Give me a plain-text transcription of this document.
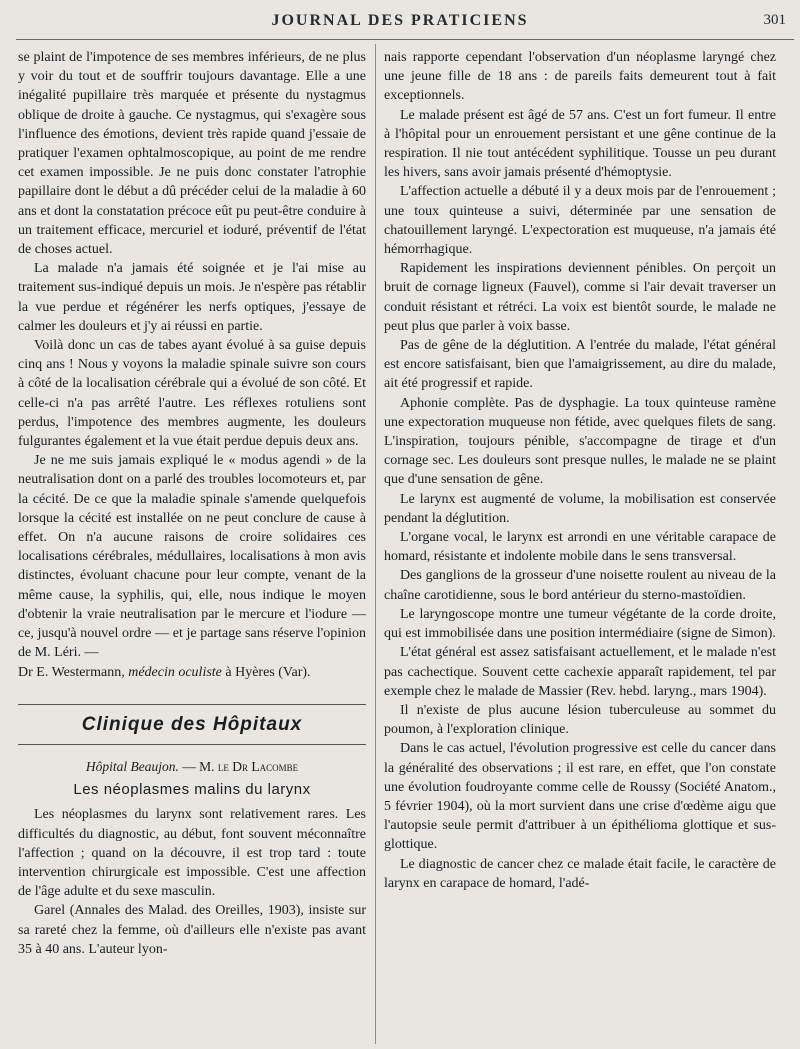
JOURNAL DES PRATICIENS	301

se plaint de l'impotence de ses membres inférieurs, de ne plus y voir du tout et de souffrir toujours davantage. Elle a une inégalité pupillaire très marquée et présente du nystagmus oblique de droite à gauche. Ce nystagmus, qui s'exagère sous l'influence des émotions, devient très rapide quand j'essaie de pratiquer l'examen ophtalmoscopique, au point de me rendre cet examen impossible. Je ne puis donc constater l'atrophie papillaire dont le début a dû précéder celui de la maladie à 60 ans et dont la constatation précoce eût pu peut-être conduire à un traitement efficace, mercuriel et ioduré, préventif de l'état de choses actuel.

La malade n'a jamais été soignée et je l'ai mise au traitement sus-indiqué depuis un mois. Je n'espère pas rétablir la vue perdue et régénérer les nerfs optiques, j'essaye de calmer les douleurs et j'y ai réussi en partie.

Voilà donc un cas de tabes ayant évolué à sa guise depuis cinq ans ! Nous y voyons la maladie spinale suivre son cours à côté de la localisation cérébrale qui a évolué de son côté. Et celle-ci n'a pas arrêté l'autre. Les réflexes rotuliens sont perdus, l'impotence des membres augmente, les douleurs fulgurantes également et la vue était perdue depuis deux ans.

Je ne me suis jamais expliqué le « modus agendi » de la neutralisation dont on a parlé des troubles locomoteurs et, par la cécité. De ce que la maladie spinale s'amende quelquefois lorsque la cécité est installée on ne peut conclure de cause à effet. On n'a aucune raisons de croire solidaires ces localisations cérébrales, médullaires, localisations à mon avis distinctes, évoluant chacune pour leur compte, venant de la même cause, la syphilis, qui, elle, nous indique le moyen d'obtenir la vraie neutralisation par le mercure et l'iodure — ce, jusqu'à nouvel ordre — et je partage sans réserve l'opinion de M. Léri. —

Dr E. Westermann, médecin oculiste à Hyères (Var).

Clinique des Hôpitaux
Hôpital Beaujon. — M. le Dr Lacombe
Les néoplasmes malins du larynx

Les néoplasmes du larynx sont relativement rares. Les difficultés du diagnostic, au début, font souvent méconnaître l'affection ; quand on la découvre, il est trop tard : toute intervention chirurgicale est impossible. C'est une affection de l'âge adulte et du sexe masculin.

Garel (Annales des Malad. des Oreilles, 1903), insiste sur sa rareté chez la femme, où d'ailleurs elle n'existe pas avant 35 à 40 ans. L'auteur lyon-

nais rapporte cependant l'observation d'un néoplasme laryngé chez une jeune fille de 18 ans : de pareils faits demeurent tout à fait exceptionnels.

Le malade présent est âgé de 57 ans. C'est un fort fumeur. Il entre à l'hôpital pour un enrouement persistant et une gêne continue de la respiration. Il nie tout antécédent syphilitique. Tousse un peu durant les hivers, sans avoir jamais présenté d'hémoptysie.

L'affection actuelle a débuté il y a deux mois par de l'enrouement ; une toux quinteuse a suivi, déterminée par une sensation de chatouillement laryngé. L'expectoration est muqueuse, n'a jamais été hémorrhagique.

Rapidement les inspirations deviennent pénibles. On perçoit un bruit de cornage ligneux (Fauvel), comme si l'air devait traverser un conduit résistant et rétréci. La voix est bientôt sourde, le malade ne peut plus que parler à voix basse.

Pas de gêne de la déglutition. A l'entrée du malade, l'état général est encore satisfaisant, bien que l'amaigrissement, au dire du malade, ait été progressif et rapide.

Aphonie complète. Pas de dysphagie. La toux quinteuse ramène une expectoration muqueuse non fétide, avec quelques filets de sang. L'inspiration, toujours pénible, s'accompagne de tirage et d'un cornage sec. Les douleurs sont presque nulles, le malade ne se plaint que d'une sensation de gêne.

Le larynx est augmenté de volume, la mobilisation est conservée pendant la déglutition.

L'organe vocal, le larynx est arrondi en une véritable carapace de homard, résistante et indolente mobile dans le sens transversal.

Des ganglions de la grosseur d'une noisette roulent au niveau de la chaîne carotidienne, sous le bord antérieur du sterno-mastoïdien.

Le laryngoscope montre une tumeur végétante de la corde droite, qui est immobilisée dans une position intermédiaire (signe de Simon).

L'état général est assez satisfaisant actuellement, et le malade n'est pas cachectique. Souvent cette cachexie apparaît rapidement, tel par exemple chez le malade de Massier (Rev. hebd. laryng., mars 1904).

Il n'existe de plus aucune lésion tuberculeuse au sommet du poumon, à l'exploration clinique.

Dans le cas actuel, l'évolution progressive est celle du cancer dans la généralité des observations ; il est rare, en effet, que l'on constate une évolution foudroyante comme celle de Roussy (Société Anatom., 5 février 1904), où la mort survient dans une crise d'œdème aigu que l'autopsie seule permit d'attribuer à un épithélioma glottique et sus-glottique.

Le diagnostic de cancer chez ce malade était facile, le caractère de larynx en carapace de homard, l'adé-
